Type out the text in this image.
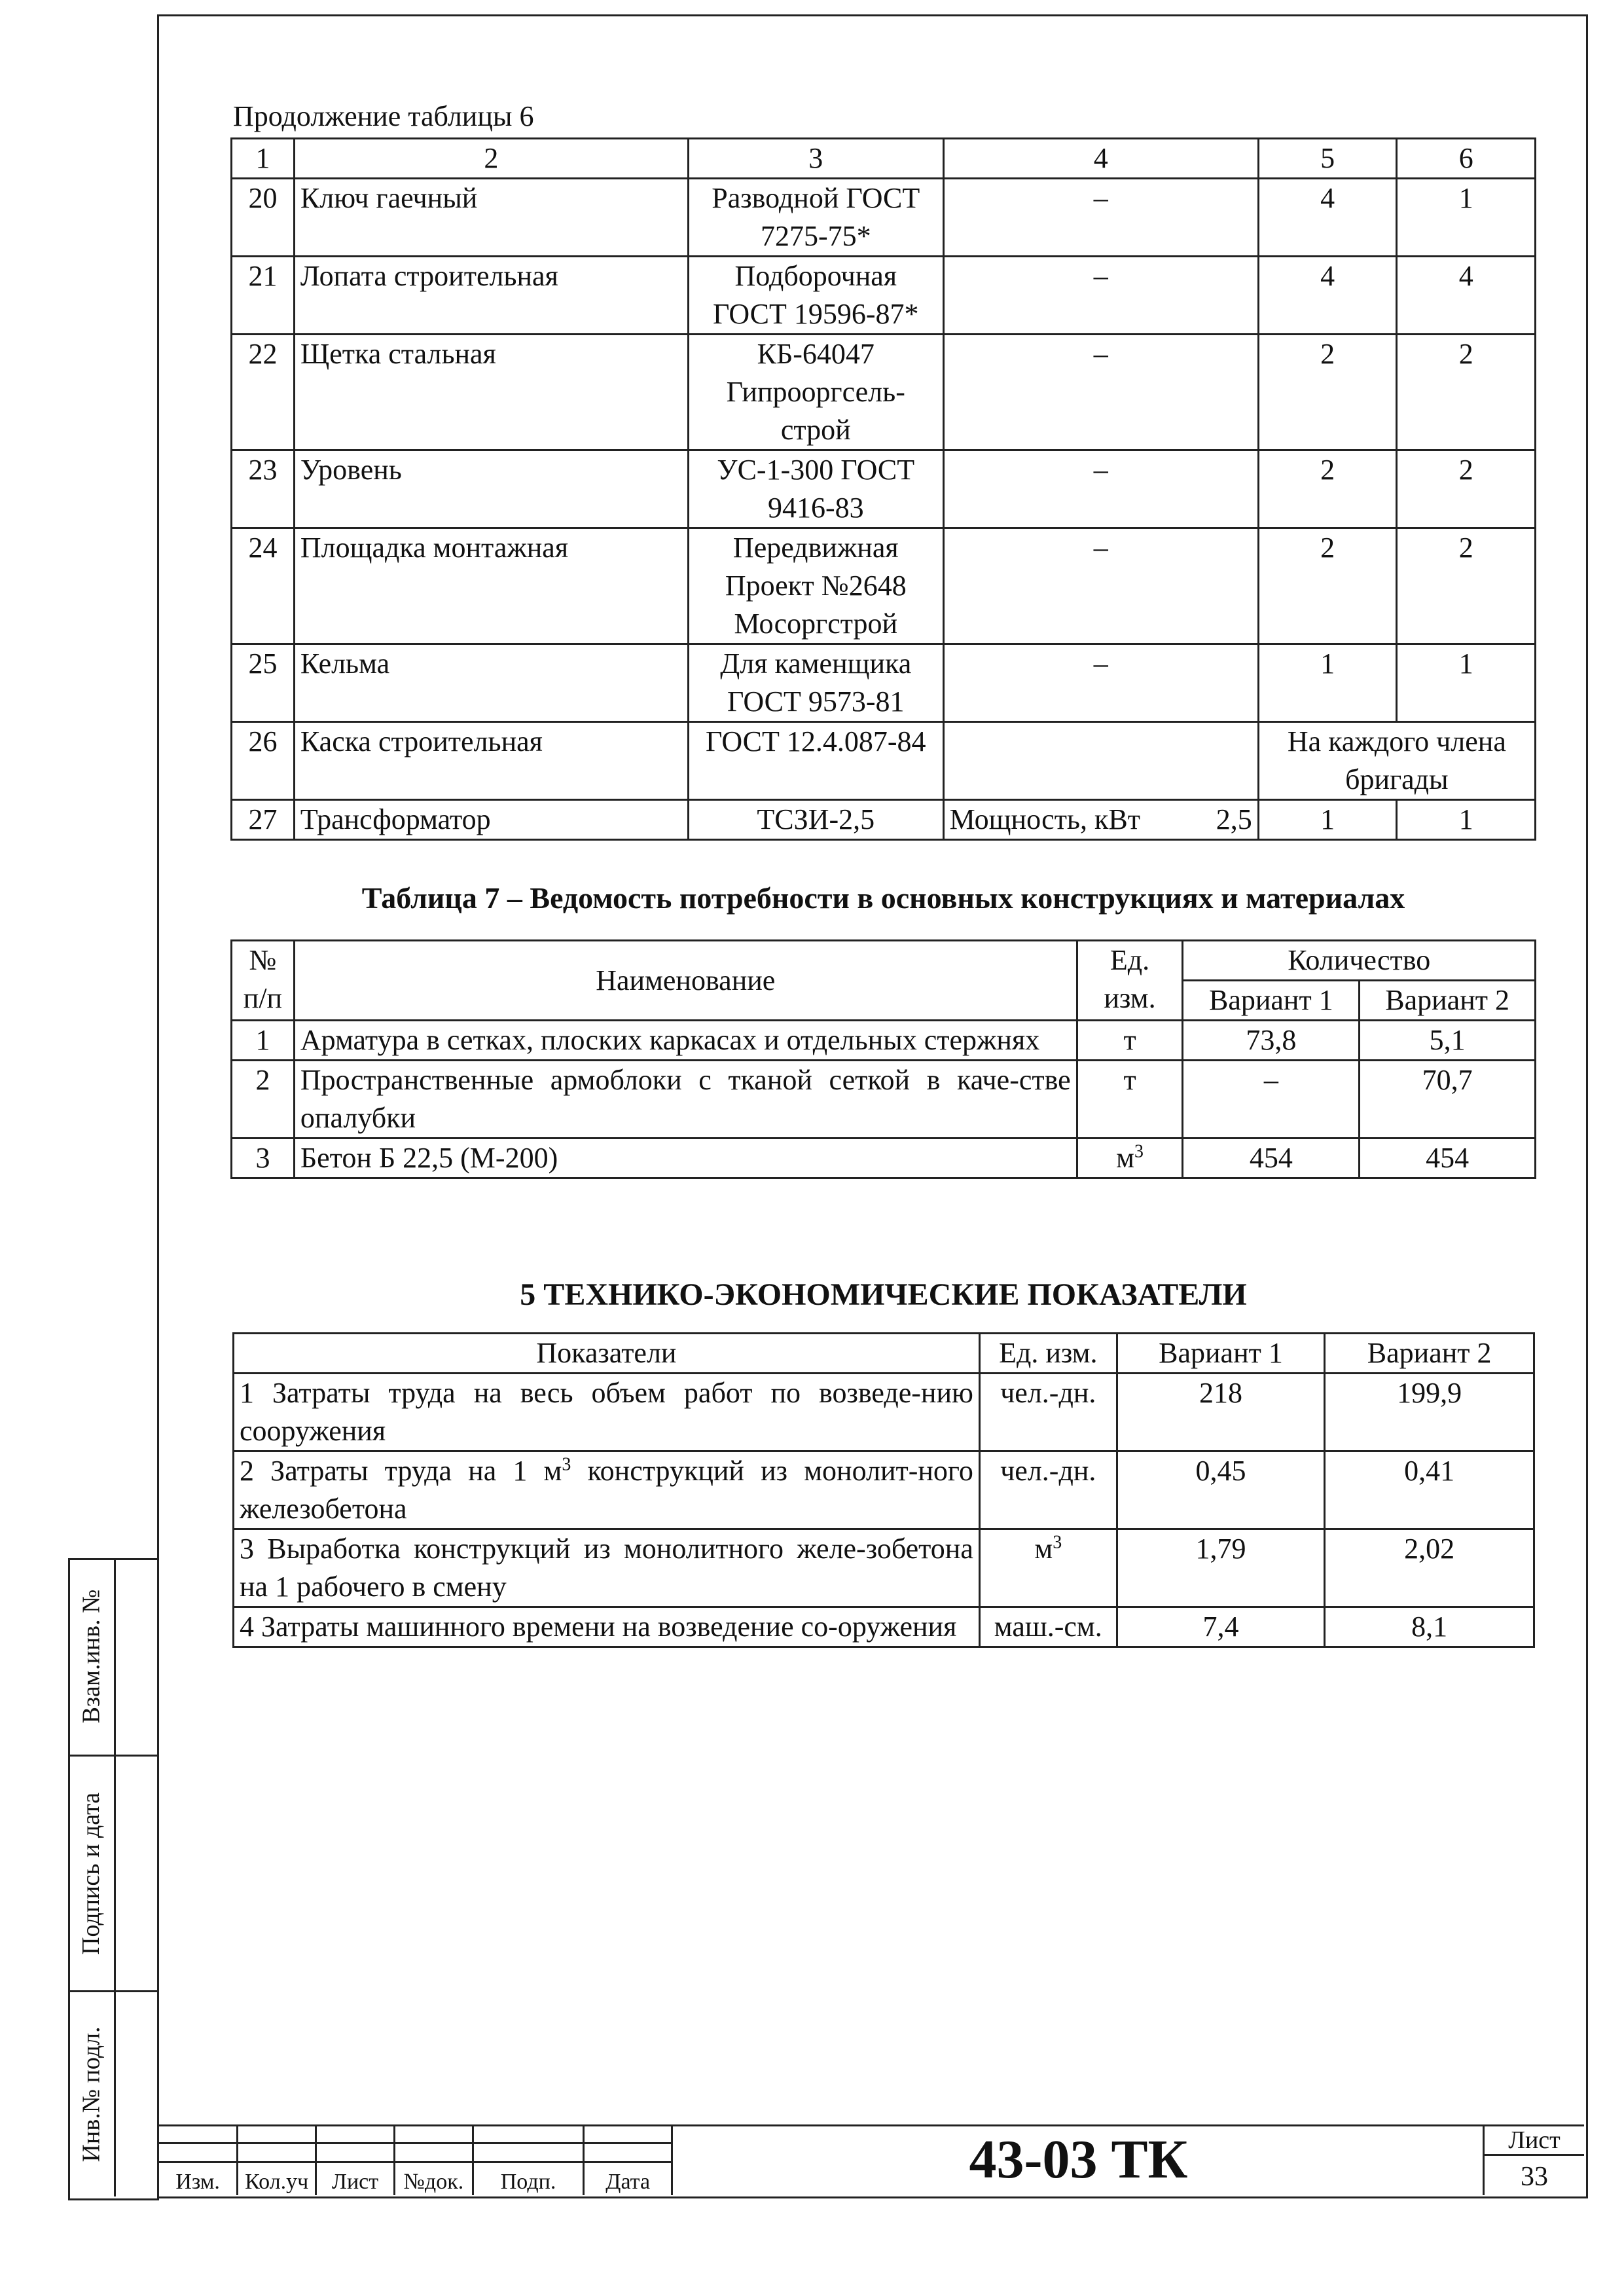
Взам.инв. №
Подпись и дата
Инв.№ подл.
Продолжение таблицы 6
1	2	3	4	5	6
20	Ключ гаечный	Разводной ГОСТ 7275-75*	–	4	1
21	Лопата строительная	Подборочная ГОСТ 19596-87*	–	4	4
22	Щетка стальная	КБ-64047 Гипрооргсель-строй	–	2	2
23	Уровень	УС-1-300 ГОСТ 9416-83	–	2	2
24	Площадка монтажная	Передвижная Проект №2648 Мосоргстрой	–	2	2
25	Кельма	Для каменщика ГОСТ 9573-81	–	1	1
26	Каска строительная	ГОСТ 12.4.087-84		На каждого члена бригады	
27	Трансформатор	ТСЗИ-2,5	Мощность, кВт 2,5	1	1
Таблица 7 – Ведомость потребности в основных конструкциях и материалах
№ п/п	Наименование	Ед. изм.	Количество	
			Вариант 1	Вариант 2
1	Арматура в сетках, плоских каркасах и отдельных стержнях	т	73,8	5,1
2	Пространственные армоблоки с тканой сеткой в каче-стве опалубки	т	–	70,7
3	Бетон Б 22,5 (М-200)	$м^3$	454	454
5 ТЕХНИКО-ЭКОНОМИЧЕСКИЕ ПОКАЗАТЕЛИ
Показатели	Ед. изм.	Вариант 1	Вариант 2
1 Затраты труда на весь объем работ по возведе-нию сооружения	чел.-дн.	218	199,9
2 Затраты труда на 1 $м^3$ конструкций из монолит-ного железобетона	чел.-дн.	0,45	0,41
3 Выработка конструкций из монолитного желе-зобетона на 1 рабочего в смену	$м^3$	1,79	2,02
4 Затраты машинного времени на возведение со-оружения	маш.-см.	7,4	8,1

Изм.	Кол.уч	Лист	№док.	Подп.	Дата	43-03 ТК	Лист
33
